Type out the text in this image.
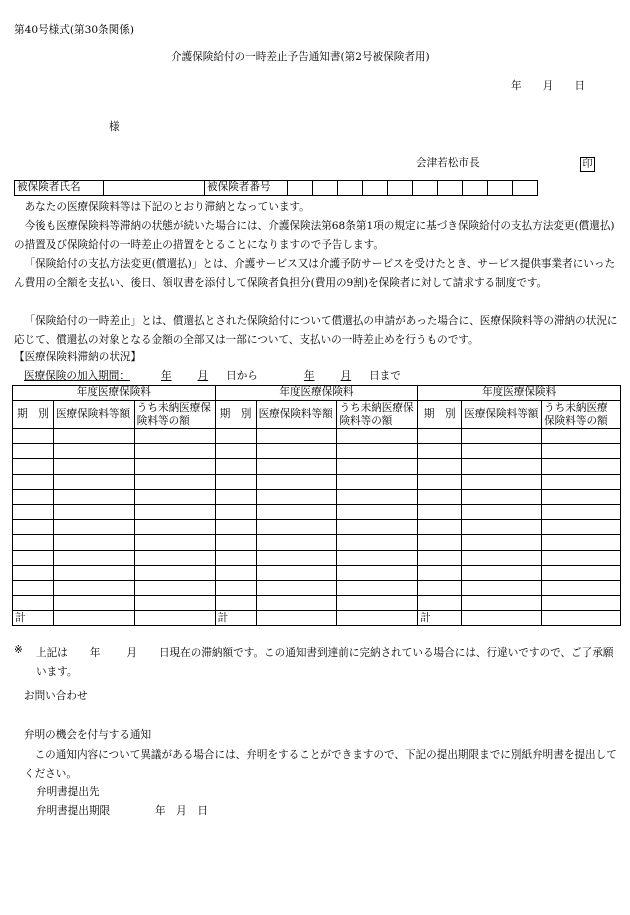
第40号様式(第30条関係)
介護保険給付の一時差止予告通知書(第2号被保険者用)
年　　月　　日
様
会津若松市長	印
被保険者氏名		被保険者番号										
あなたの医療保険料等は下記のとおり滞納となっています。
今後も医療保険料等滞納の状態が続いた場合には、介護保険法第68条第1項の規定に基づき保険給付の支払方法変更(償還払)の措置及び保険給付の一時差止の措置をとることになりますので予告します。
「保険給付の支払方法変更(償還払)」とは、介護サービス又は介護予防サービスを受けたとき、サービス提供事業者にいったん費用の全額を支払い、後日、領収書を添付して保険者負担分(費用の9割)を保険者に対して請求する制度です。
「保険給付の一時差止」とは、償還払とされた保険給付について償還払の申請があった場合に、医療保険料等の滞納の状況に応じて、償還払の対象となる金額の全部又は一部について、支払いの一時差止めを行うものです。
【医療保険料滞納の状況】
医療保険の加入期間：	年 月 日から	年 月 日まで
年度医療保険料			年度医療保険料			年度医療保険料		
期　別	医療保険料等額	うち未納医療保険料等の額	期　別	医療保険料等額	うち未納医療保険料等の額	期　別	医療保険料等額	うち未納医療保険料等の額

計			計			計		
※ 上記は 年 月 日現在の滞納額です。この通知書到達前に完納されている場合には、行違いですので、ご了承願います。
お問い合わせ
弁明の機会を付与する通知
この通知内容について異議がある場合には、弁明をすることができますので、下記の提出期限までに別紙弁明書を提出してください。
弁明書提出先
弁明書提出期限	年　月　日
